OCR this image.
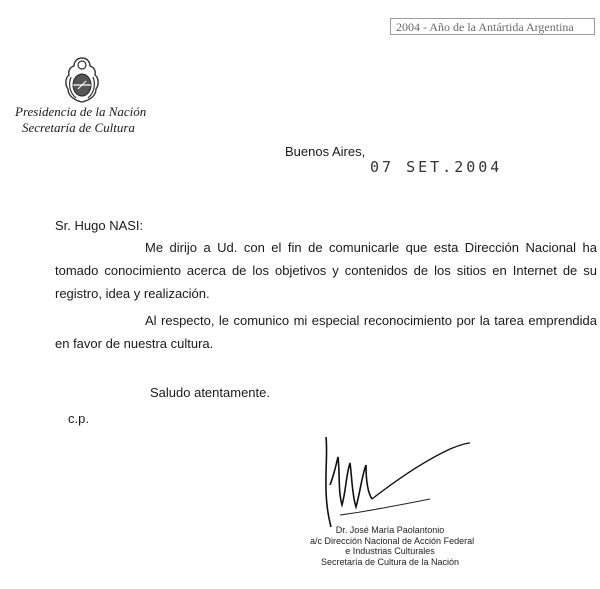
2004 - Año de la Antártida Argentina
Presidencia de la Nación
Secretaría de Cultura
Buenos Aires,
07 SET.2004
Sr. Hugo NASI:
Me dirijo a Ud. con el fin de comunicarle que esta Dirección Nacional ha tomado conocimiento acerca de los objetivos y contenidos de los sitios en Internet de su registro, idea y realización.
Al respecto, le comunico mi especial reconocimiento por la tarea emprendida en favor de nuestra cultura.
Saludo atentamente.
c.p.
Dr. José María Paolantonio
a/c Dirección Nacional de Acción Federal
e Industrias Culturales
Secretaría de Cultura de la Nación
